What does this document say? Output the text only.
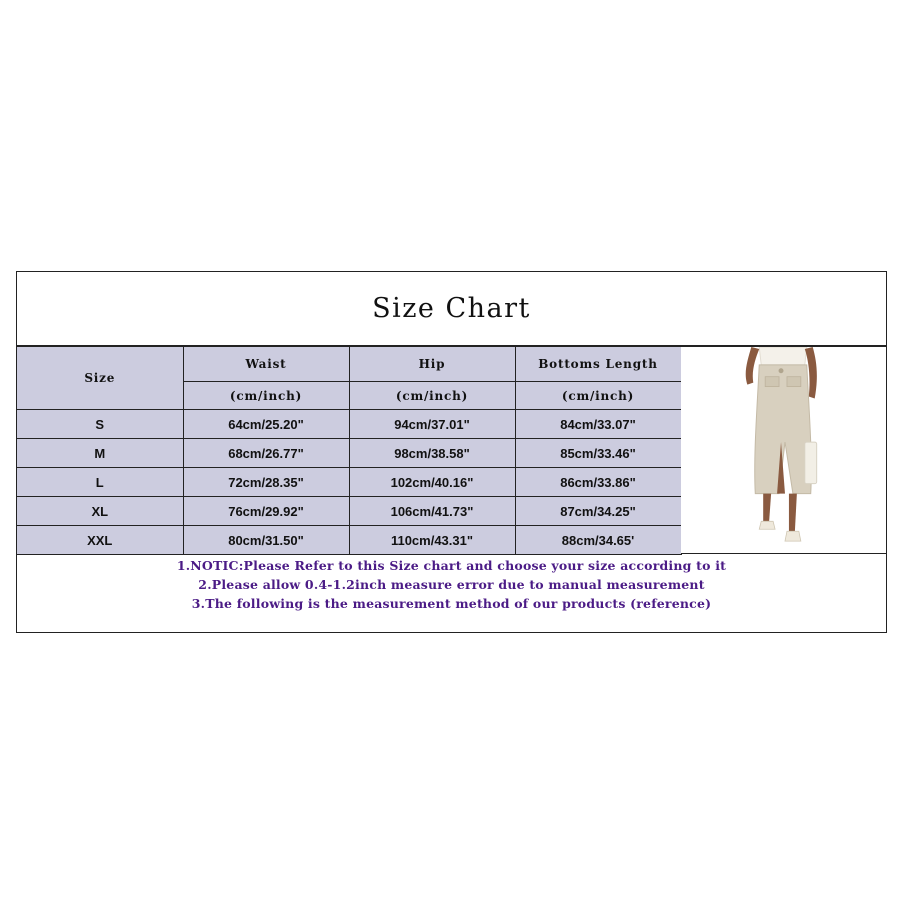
Size Chart
Size	Waist	Hip	Bottoms Length
	(cm/inch)	(cm/inch)	(cm/inch)
S	64cm/25.20"	94cm/37.01"	84cm/33.07"
M	68cm/26.77"	98cm/38.58"	85cm/33.46"
L	72cm/28.35"	102cm/40.16"	86cm/33.86"
XL	76cm/29.92"	106cm/41.73"	87cm/34.25"
XXL	80cm/31.50"	110cm/43.31"	88cm/34.65'
1.NOTIC:Please Refer to this Size chart and choose your size according to it
2.Please allow 0.4-1.2inch measure error due to manual measurement
3.The following is the measurement method of our products (reference)
